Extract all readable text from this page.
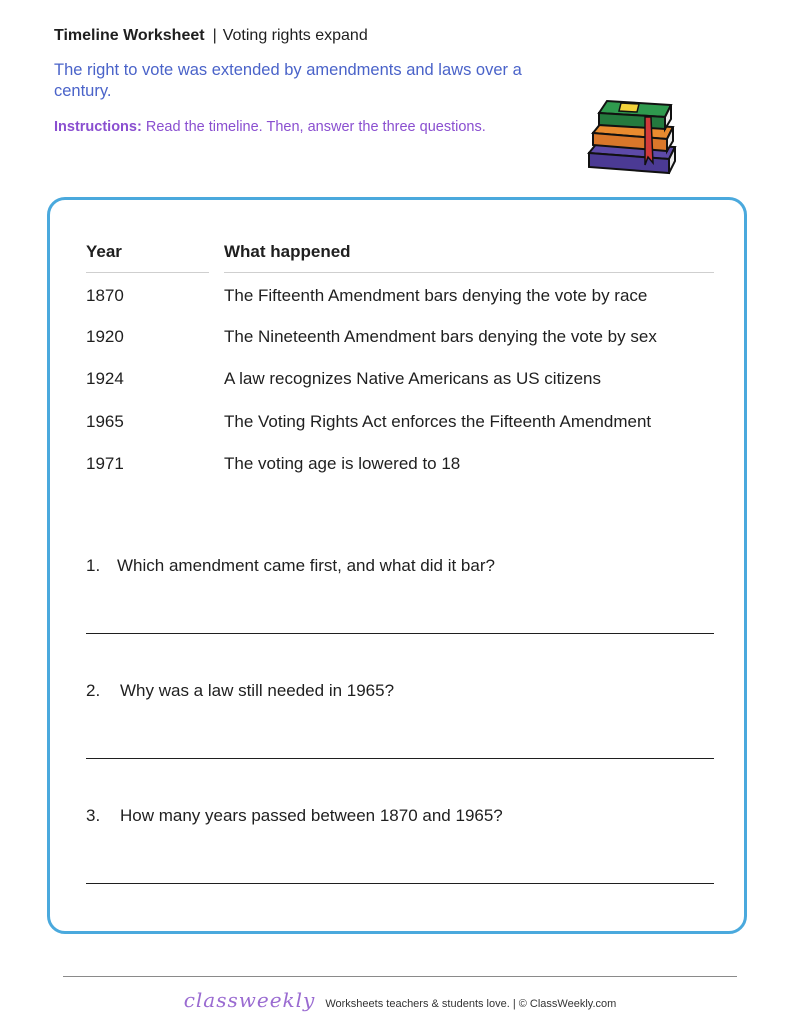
Timeline Worksheet | Voting rights expand
The right to vote was extended by amendments and laws over a century.
Instructions: Read the timeline. Then, answer the three questions.
Year	What happened
1870	The Fifteenth Amendment bars denying the vote by race
1920	The Nineteenth Amendment bars denying the vote by sex
1924	A law recognizes Native Americans as US citizens
1965	The Voting Rights Act enforces the Fifteenth Amendment
1971	The voting age is lowered to 18
1. Which amendment came first, and what did it bar?
2. Why was a law still needed in 1965?
3. How many years passed between 1870 and 1965?
classweekly Worksheets teachers & students love. | © ClassWeekly.com
